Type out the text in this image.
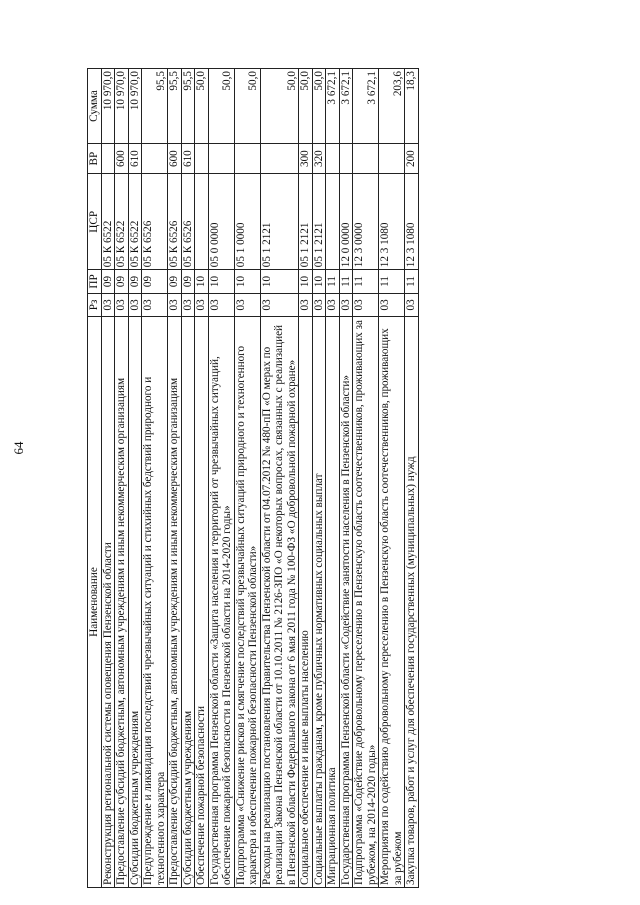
64
Наименование	Рз	ПР	ЦСР	ВР	Сумма
Реконструкция региональной системы оповещения Пензенской области	03	09	05 К 6522		10 970,0
Предоставление субсидий бюджетным, автономным учреждениям и иным некоммерческим организациям	03	09	05 К 6522	600	10 970,0
Субсидии бюджетным учреждениям	03	09	05 К 6522	610	10 970,0
Предупреждение и ликвидация последствий чрезвычайных ситуаций и стихийных бедствий природного и техногенного характера	03	09	05 К 6526		95,5
Предоставление субсидий бюджетным, автономным учреждениям и иным некоммерческим организациям	03	09	05 К 6526	600	95,5
Субсидии бюджетным учреждениям	03	09	05 К 6526	610	95,5
Обеспечение пожарной безопасности	03	10			50,0
Государственная программа Пензенской области «Защита населения и территорий от чрезвычайных ситуаций, обеспечение пожарной безопасности в Пензенской области на 2014-2020 годы»	03	10	05 0 0000		50,0
Подпрограмма «Снижение рисков и смягчение последствий чрезвычайных ситуаций природного и техногенного характера и обеспечение пожарной безопасности Пензенской области»	03	10	05 1 0000		50,0
Расходы на реализацию постановления Правительства Пензенской области от 04.07.2012 № 480-пП «О мерах по реализации Закона Пензенской области от 10.10.2011 № 2126-ЗПО «О некоторых вопросах, связанных с реализацией в Пензенской области Федерального закона от 6 мая 2011 года № 100-ФЗ «О добровольной пожарной охране»	03	10	05 1 2121		50,0
Социальное обеспечение и иные выплаты населению	03	10	05 1 2121	300	50,0
Социальные выплаты гражданам, кроме публичных нормативных социальных выплат	03	10	05 1 2121	320	50,0
Миграционная политика	03	11			3 672,1
Государственная программа Пензенской области «Содействие занятости населения в Пензенской области»	03	11	12 0 0000		3 672,1
Подпрограмма «Содействие добровольному переселению в Пензенскую область соотечественников, проживающих за рубежом, на 2014-2020 годы»	03	11	12 3 0000		3 672,1
Мероприятия по содействию добровольному переселению в Пензенскую область соотечественников, проживающих за рубежом	03	11	12 3 1080		203,6
Закупка товаров, работ и услуг для обеспечения государственных (муниципальных) нужд	03	11	12 3 1080	200	18,3
